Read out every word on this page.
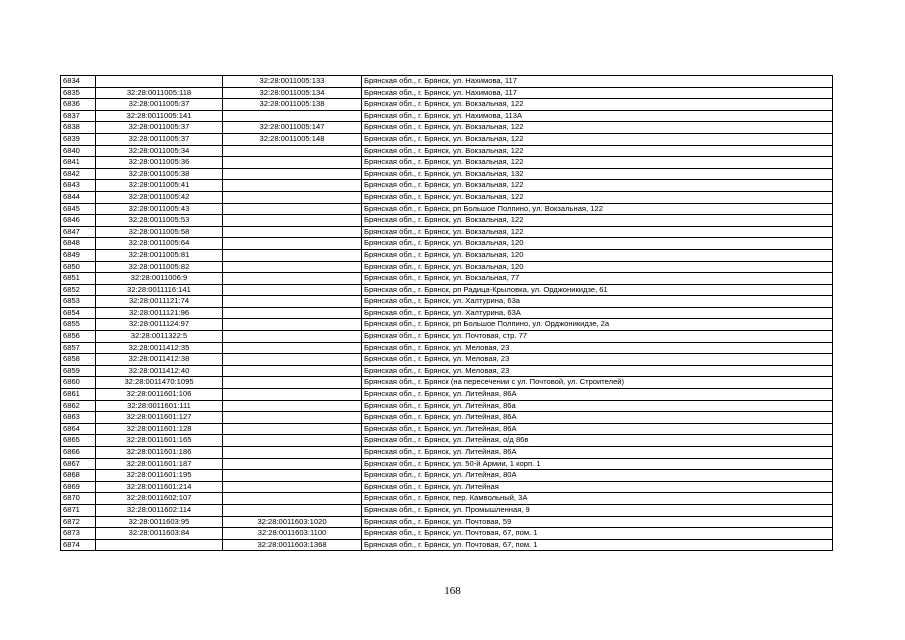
6834		32:28:0011005:133	Брянская обл., г. Брянск, ул. Нахимова, 117
6835	32:28:0011005:118	32:28:0011005:134	Брянская обл., г. Брянск, ул. Нахимова, 117
6836	32:28:0011005:37	32:28:0011005:138	Брянская обл., г. Брянск, ул. Вокзальная, 122
6837	32:28:0011005:141		Брянская обл., г. Брянск, ул. Нахимова, 113А
6838	32:28:0011005:37	32:28:0011005:147	Брянская обл., г. Брянск, ул. Вокзальная, 122
6839	32:28:0011005:37	32:28:0011005:148	Брянская обл., г. Брянск, ул. Вокзальная, 122
6840	32:28:0011005:34		Брянская обл., г. Брянск, ул. Вокзальная, 122
6841	32:28:0011005:36		Брянская обл., г. Брянск, ул. Вокзальная, 122
6842	32:28:0011005:38		Брянская обл., г. Брянск, ул. Вокзальная, 132
6843	32:28:0011005:41		Брянская обл., г. Брянск, ул. Вокзальная, 122
6844	32:28:0011005:42		Брянская обл., г. Брянск, ул. Вокзальная, 122
6845	32:28:0011005:43		Брянская обл., г. Брянск, рп Большое Полпино, ул. Вокзальная, 122
6846	32:28:0011005:53		Брянская обл., г. Брянск, ул. Вокзальная, 122
6847	32:28:0011005:58		Брянская обл., г. Брянск, ул. Вокзальная, 122
6848	32:28:0011005:64		Брянская обл., г. Брянск, ул. Вокзальная, 120
6849	32:28:0011005:81		Брянская обл., г. Брянск, ул. Вокзальная, 120
6850	32:28:0011005:82		Брянская обл., г. Брянск, ул. Вокзальная, 120
6851	32:28:0011006:9		Брянская обл., г. Брянск, ул. Вокзальная, 77
6852	32:28:0011116:141		Брянская обл., г. Брянск, рп Радица-Крыловка, ул. Орджоникидзе, 61
6853	32:28:0011121:74		Брянская обл., г. Брянск, ул. Халтурина, 63а
6854	32:28:0011121:96		Брянская обл., г. Брянск, ул. Халтурина, 63А
6855	32:28:0011124:97		Брянская обл., г. Брянск, рп Большое Полпино, ул. Орджоникидзе, 2а
6856	32:28:0011322:5		Брянская обл., г. Брянск, ул. Почтовая, стр. 77
6857	32:28:0011412:35		Брянская обл., г. Брянск, ул. Меловая, 23
6858	32:28:0011412:38		Брянская обл., г. Брянск, ул. Меловая, 23
6859	32:28:0011412:40		Брянская обл., г. Брянск, ул. Меловая, 23
6860	32:28:0011470:1095		Брянская обл., г. Брянск (на пересечении с ул. Почтовой, ул. Строителей)
6861	32:28:0011601:106		Брянская обл., г. Брянск, ул. Литейная, 86А
6862	32:28:0011601:111		Брянская обл., г. Брянск, ул. Литейная, 86а
6863	32:28:0011601:127		Брянская обл., г. Брянск, ул. Литейная, 86А
6864	32:28:0011601:128		Брянская обл., г. Брянск, ул. Литейная, 86А
6865	32:28:0011601:165		Брянская обл., г. Брянск, ул. Литейная, о/д 86в
6866	32:28:0011601:186		Брянская обл., г. Брянск, ул. Литейная, 86А
6867	32:28:0011601:187		Брянская обл., г. Брянск, ул. 50-й Армии, 1 корп. 1
6868	32:28:0011601:195		Брянская обл., г. Брянск, ул. Литейная, 80А
6869	32:28:0011601:214		Брянская обл., г. Брянск, ул. Литейная
6870	32:28:0011602:107		Брянская обл., г. Брянск, пер. Камвольный, 3А
6871	32:28:0011602:114		Брянская обл., г. Брянск, ул. Промышленная, 9
6872	32:28:0011603:95	32:28:0011603:1020	Брянская обл., г. Брянск, ул. Почтовая, 59
6873	32:28:0011603:84	32:28:0011603:1100	Брянская обл., г. Брянск, ул. Почтовая, 67, пом. 1
6874		32:28:0011603:1368	Брянская обл., г. Брянск, ул. Почтовая, 67, пом. 1
168
